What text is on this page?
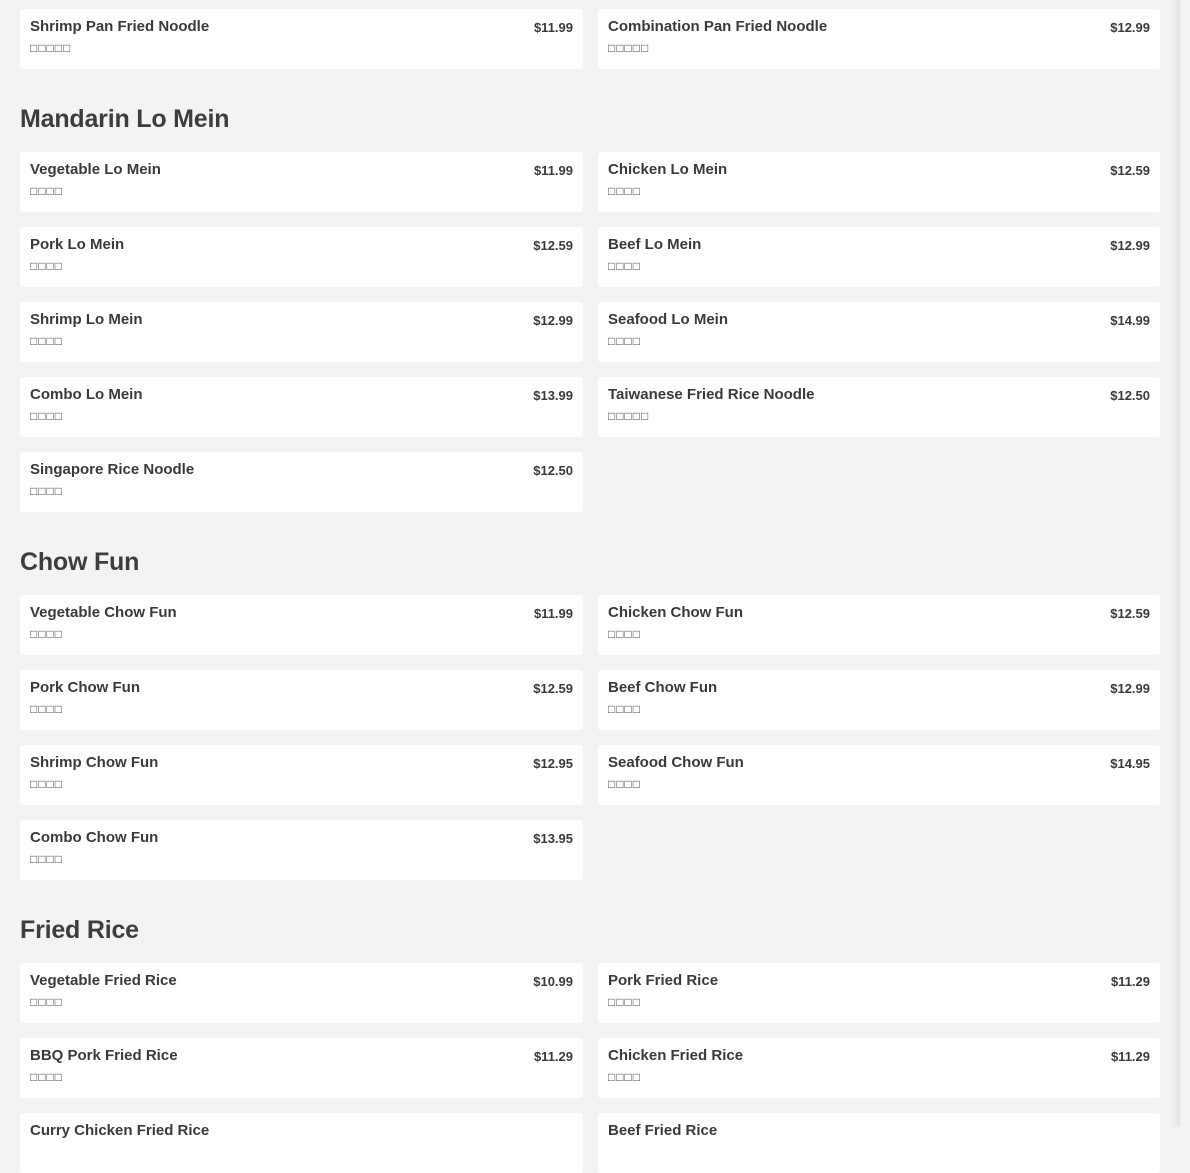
Shrimp Pan Fried Noodle
□□□□□
$11.99 Combination Pan Fried Noodle
□□□□□
$12.99
Mandarin Lo Mein
Vegetable Lo Mein
□□□□
$11.99 Chicken Lo Mein
□□□□
$12.59
Pork Lo Mein
□□□□
$12.59 Beef Lo Mein
□□□□
$12.99
Shrimp Lo Mein
□□□□
$12.99 Seafood Lo Mein
□□□□
$14.99
Combo Lo Mein
□□□□
$13.99 Taiwanese Fried Rice Noodle
□□□□□
$12.50
Singapore Rice Noodle
□□□□
$12.50
Chow Fun
Vegetable Chow Fun
□□□□
$11.99 Chicken Chow Fun
□□□□
$12.59
Pork Chow Fun
□□□□
$12.59 Beef Chow Fun
□□□□
$12.99
Shrimp Chow Fun
□□□□
$12.95 Seafood Chow Fun
□□□□
$14.95
Combo Chow Fun
□□□□
$13.95
Fried Rice
Vegetable Fried Rice
□□□□
$10.99 Pork Fried Rice
□□□□
$11.29
BBQ Pork Fried Rice
□□□□
$11.29 Chicken Fried Rice
□□□□
$11.29
Curry Chicken Fried Rice	Beef Fried Rice
